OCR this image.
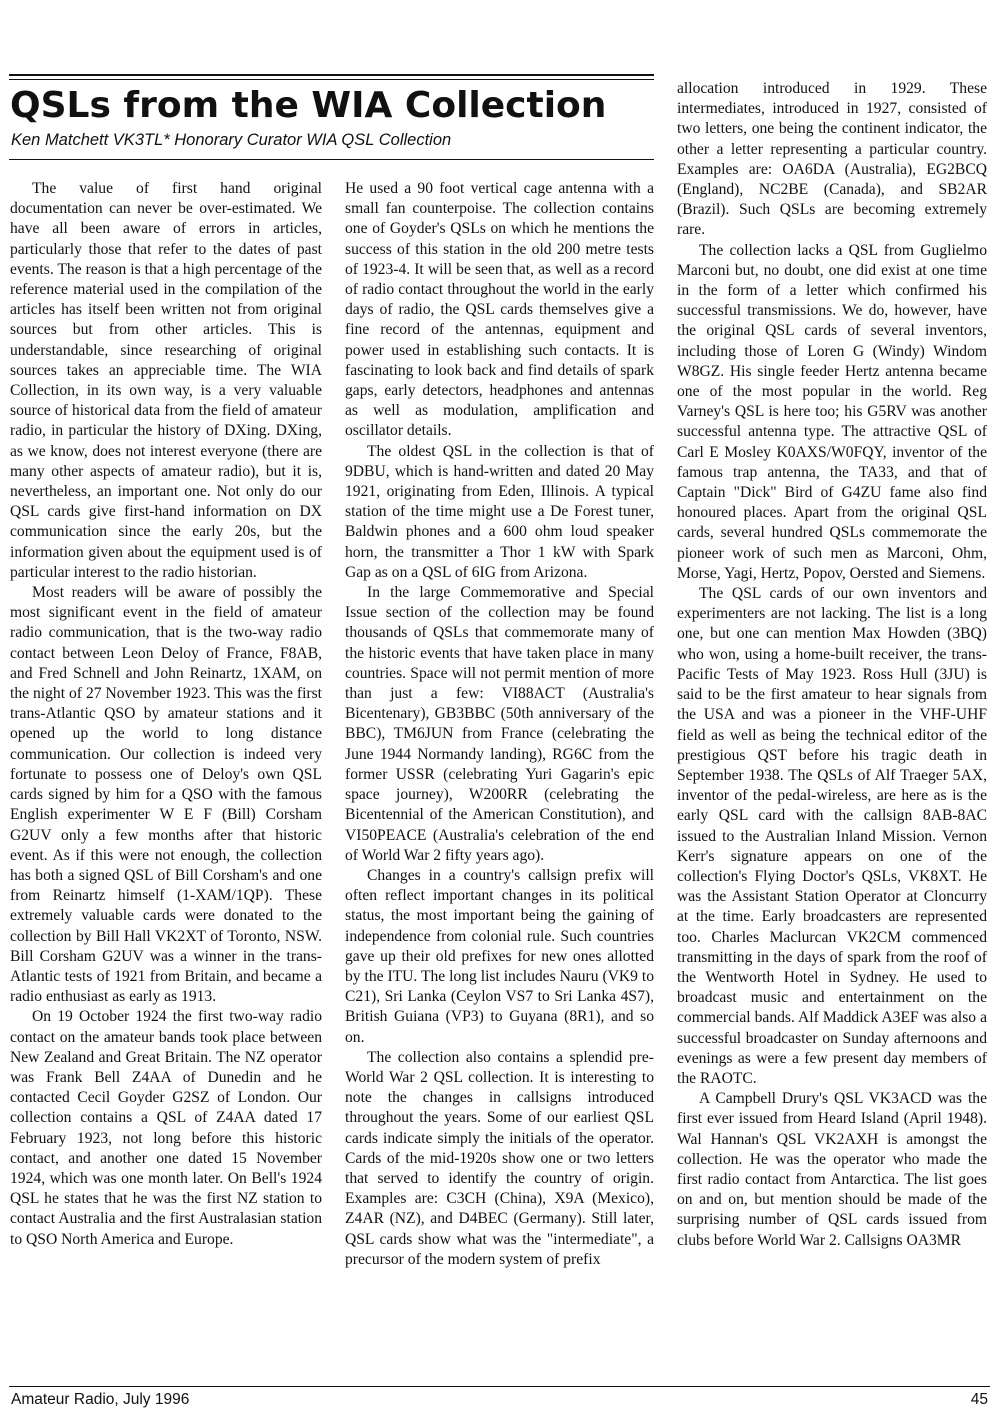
QSLs from the WIA Collection

Ken Matchett VK3TL* Honorary Curator WIA QSL Collection

The value of first hand original documentation can never be over-estimated. We have all been aware of errors in articles, particularly those that refer to the dates of past events. The reason is that a high percentage of the reference material used in the compilation of the articles has itself been written not from original sources but from other articles. This is understandable, since researching of original sources takes an appreciable time. The WIA Collection, in its own way, is a very valuable source of historical data from the field of amateur radio, in particular the history of DXing. DXing, as we know, does not interest everyone (there are many other aspects of amateur radio), but it is, nevertheless, an important one. Not only do our QSL cards give first-hand information on DX communication since the early 20s, but the information given about the equipment used is of particular interest to the radio historian.

Most readers will be aware of possibly the most significant event in the field of amateur radio communication, that is the two-way radio contact between Leon Deloy of France, F8AB, and Fred Schnell and John Reinartz, 1XAM, on the night of 27 November 1923. This was the first trans-Atlantic QSO by amateur stations and it opened up the world to long distance communication. Our collection is indeed very fortunate to possess one of Deloy's own QSL cards signed by him for a QSO with the famous English experimenter W E F (Bill) Corsham G2UV only a few months after that historic event. As if this were not enough, the collection has both a signed QSL of Bill Corsham's and one from Reinartz himself (1-XAM/1QP). These extremely valuable cards were donated to the collection by Bill Hall VK2XT of Toronto, NSW. Bill Corsham G2UV was a winner in the trans-Atlantic tests of 1921 from Britain, and became a radio enthusiast as early as 1913.

On 19 October 1924 the first two-way radio contact on the amateur bands took place between New Zealand and Great Britain. The NZ operator was Frank Bell Z4AA of Dunedin and he contacted Cecil Goyder G2SZ of London. Our collection contains a QSL of Z4AA dated 17 February 1923, not long before this historic contact, and another one dated 15 November 1924, which was one month later. On Bell's 1924 QSL he states that he was the first NZ station to contact Australia and the first Australasian station to QSO North America and Europe.

He used a 90 foot vertical cage antenna with a small fan counterpoise. The collection contains one of Goyder's QSLs on which he mentions the success of this station in the old 200 metre tests of 1923-4. It will be seen that, as well as a record of radio contact throughout the world in the early days of radio, the QSL cards themselves give a fine record of the antennas, equipment and power used in establishing such contacts. It is fascinating to look back and find details of spark gaps, early detectors, headphones and antennas as well as modulation, amplification and oscillator details.

The oldest QSL in the collection is that of 9DBU, which is hand-written and dated 20 May 1921, originating from Eden, Illinois. A typical station of the time might use a De Forest tuner, Baldwin phones and a 600 ohm loud speaker horn, the transmitter a Thor 1 kW with Spark Gap as on a QSL of 6IG from Arizona.

In the large Commemorative and Special Issue section of the collection may be found thousands of QSLs that commemorate many of the historic events that have taken place in many countries. Space will not permit mention of more than just a few: VI88ACT (Australia's Bicentenary), GB3BBC (50th anniversary of the BBC), TM6JUN from France (celebrating the June 1944 Normandy landing), RG6C from the former USSR (celebrating Yuri Gagarin's epic space journey), W200RR (celebrating the Bicentennial of the American Constitution), and VI50PEACE (Australia's celebration of the end of World War 2 fifty years ago).

Changes in a country's callsign prefix will often reflect important changes in its political status, the most important being the gaining of independence from colonial rule. Such countries gave up their old prefixes for new ones allotted by the ITU. The long list includes Nauru (VK9 to C21), Sri Lanka (Ceylon VS7 to Sri Lanka 4S7), British Guiana (VP3) to Guyana (8R1), and so on.

The collection also contains a splendid pre-World War 2 QSL collection. It is interesting to note the changes in callsigns introduced throughout the years. Some of our earliest QSL cards indicate simply the initials of the operator. Cards of the mid-1920s show one or two letters that served to identify the country of origin. Examples are: C3CH (China), X9A (Mexico), Z4AR (NZ), and D4BEC (Germany). Still later, QSL cards show what was the "intermediate", a precursor of the modern system of prefix

allocation introduced in 1929. These intermediates, introduced in 1927, consisted of two letters, one being the continent indicator, the other a letter representing a particular country. Examples are: OA6DA (Australia), EG2BCQ (England), NC2BE (Canada), and SB2AR (Brazil). Such QSLs are becoming extremely rare.

The collection lacks a QSL from Guglielmo Marconi but, no doubt, one did exist at one time in the form of a letter which confirmed his successful transmissions. We do, however, have the original QSL cards of several inventors, including those of Loren G (Windy) Windom W8GZ. His single feeder Hertz antenna became one of the most popular in the world. Reg Varney's QSL is here too; his G5RV was another successful antenna type. The attractive QSL of Carl E Mosley K0AXS/W0FQY, inventor of the famous trap antenna, the TA33, and that of Captain "Dick" Bird of G4ZU fame also find honoured places. Apart from the original QSL cards, several hundred QSLs commemorate the pioneer work of such men as Marconi, Ohm, Morse, Yagi, Hertz, Popov, Oersted and Siemens.

The QSL cards of our own inventors and experimenters are not lacking. The list is a long one, but one can mention Max Howden (3BQ) who won, using a home-built receiver, the trans-Pacific Tests of May 1923. Ross Hull (3JU) is said to be the first amateur to hear signals from the USA and was a pioneer in the VHF-UHF field as well as being the technical editor of the prestigious QST before his tragic death in September 1938. The QSLs of Alf Traeger 5AX, inventor of the pedal-wireless, are here as is the early QSL card with the callsign 8AB-8AC issued to the Australian Inland Mission. Vernon Kerr's signature appears on one of the collection's Flying Doctor's QSLs, VK8XT. He was the Assistant Station Operator at Cloncurry at the time. Early broadcasters are represented too. Charles Maclurcan VK2CM commenced transmitting in the days of spark from the roof of the Wentworth Hotel in Sydney. He used to broadcast music and entertainment on the commercial bands. Alf Maddick A3EF was also a successful broadcaster on Sunday afternoons and evenings as were a few present day members of the RAOTC.

A Campbell Drury's QSL VK3ACD was the first ever issued from Heard Island (April 1948). Wal Hannan's QSL VK2AXH is amongst the collection. He was the operator who made the first radio contact from Antarctica. The list goes on and on, but mention should be made of the surprising number of QSL cards issued from clubs before World War 2. Callsigns OA3MR

Amateur Radio, July 1996	45
